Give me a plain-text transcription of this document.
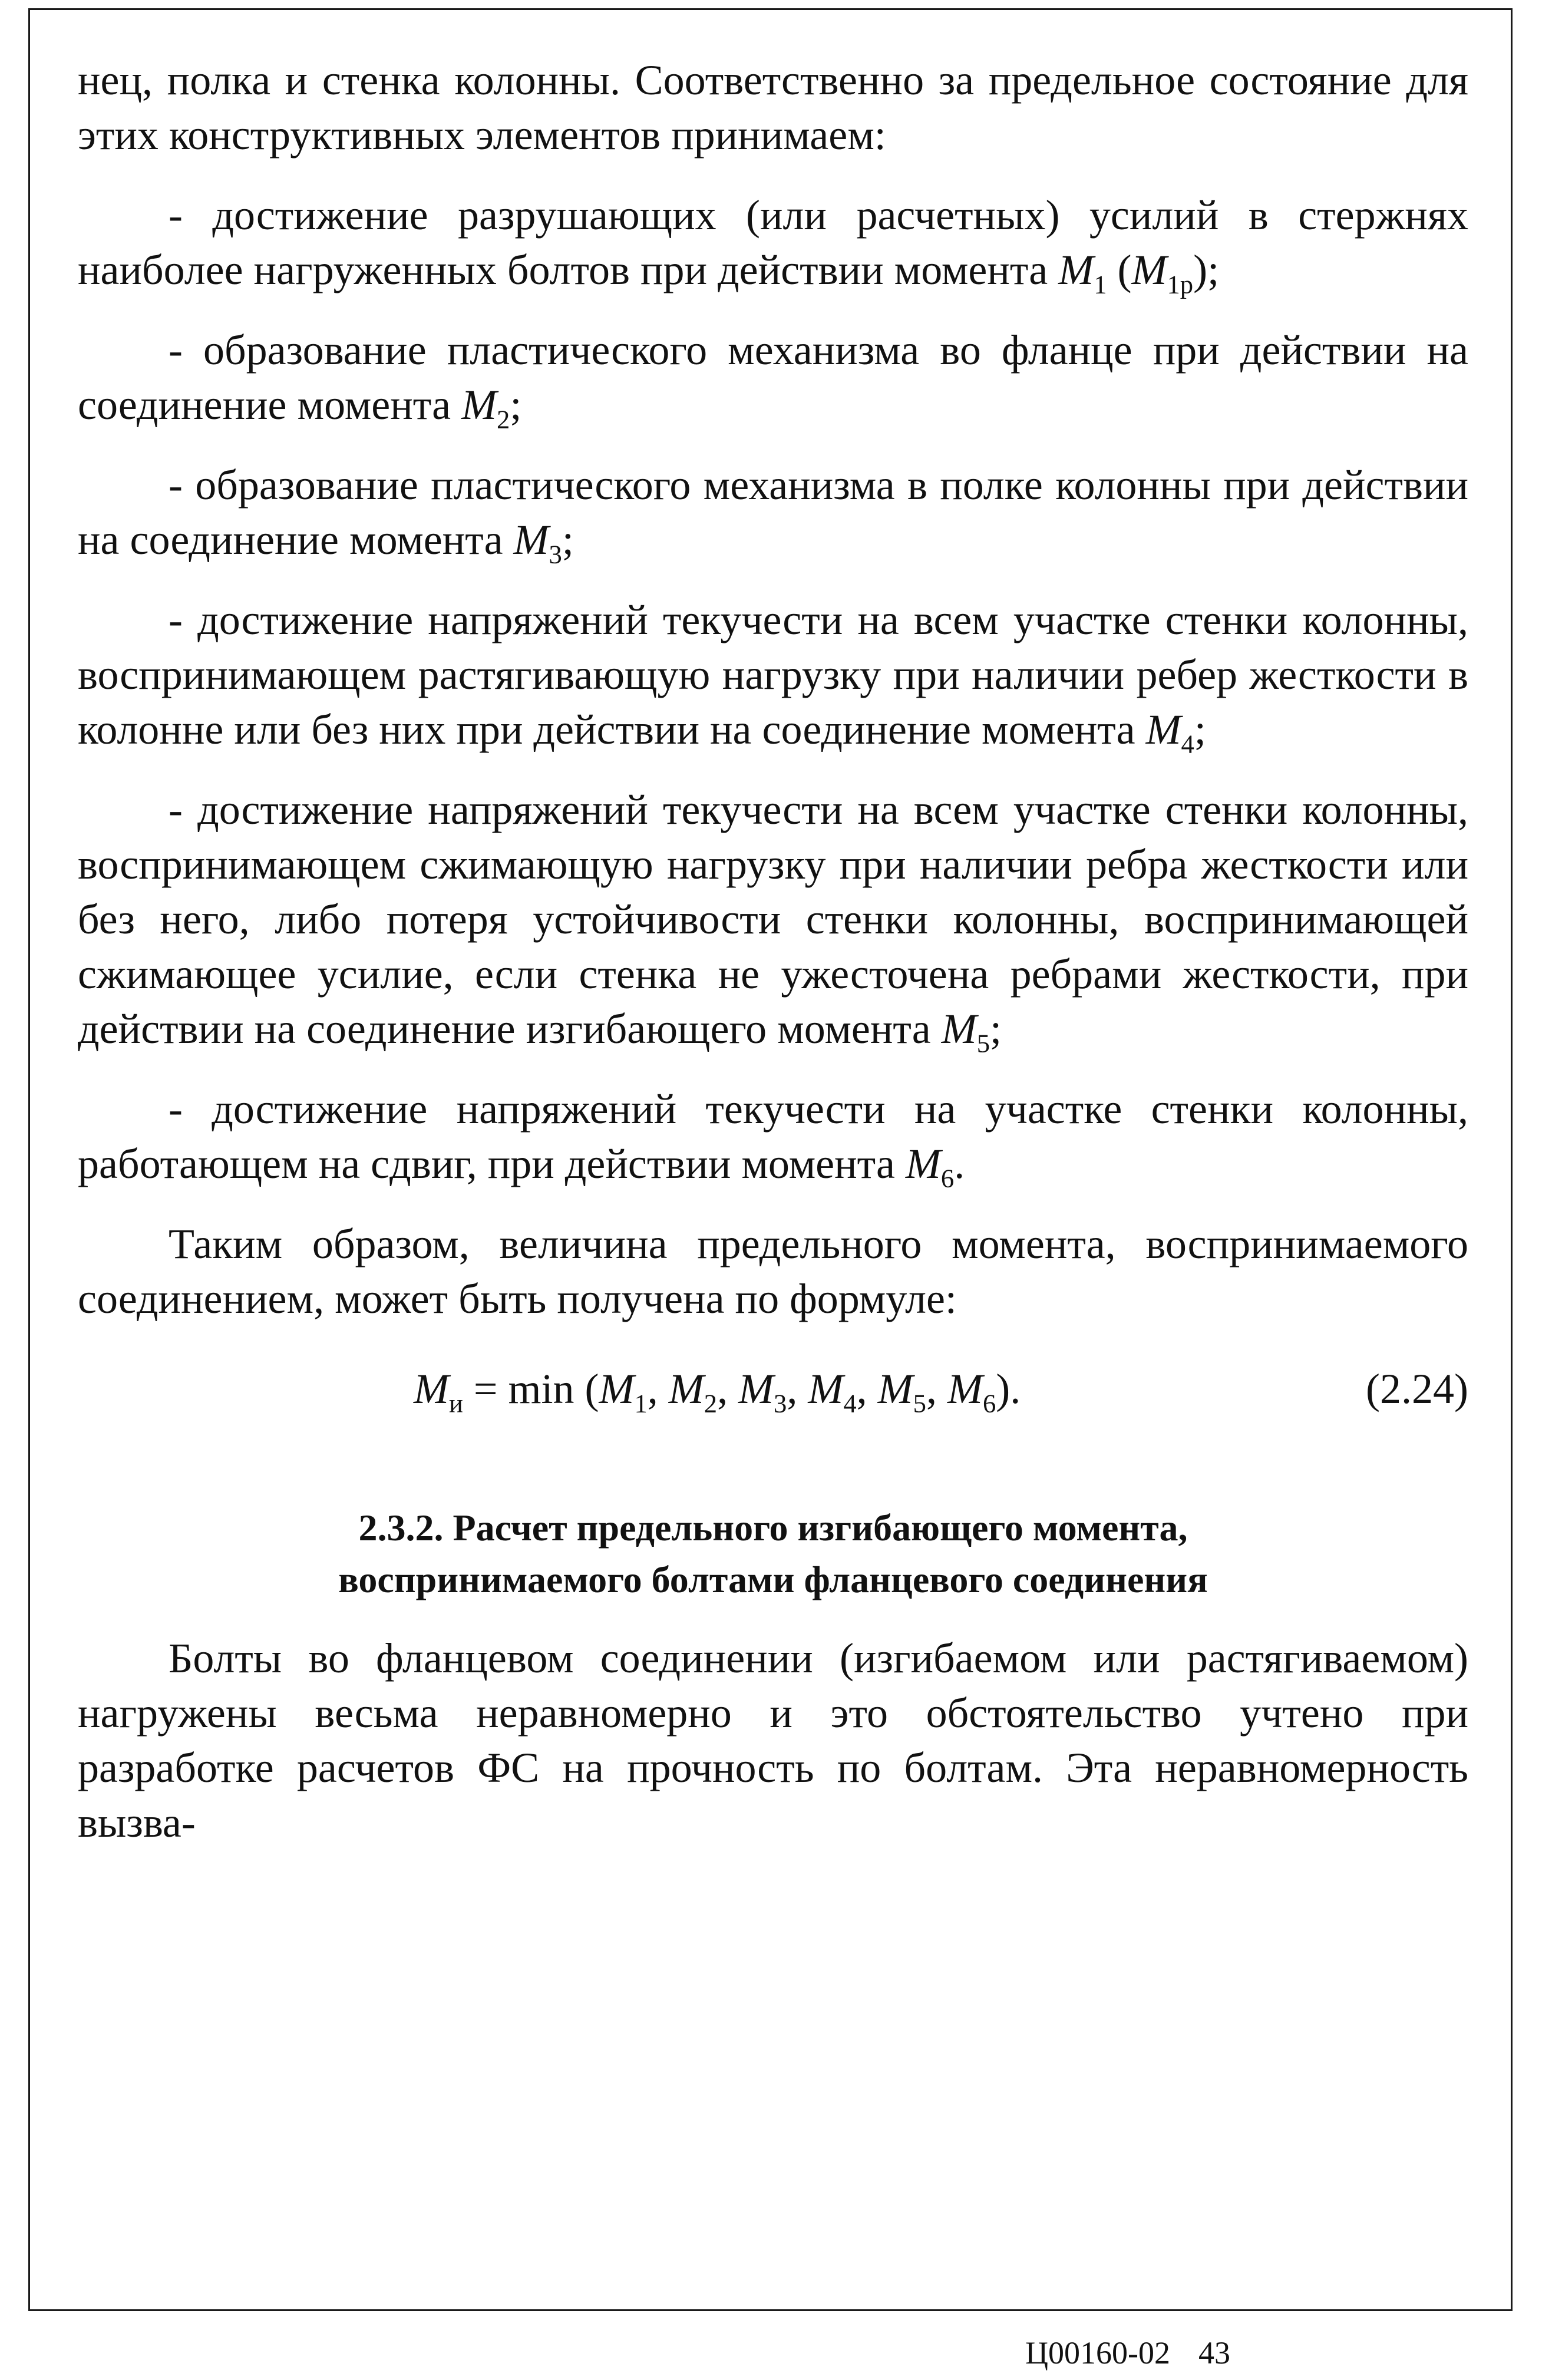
нец, полка и стенка колонны. Соответственно за предельное состояние для этих конструктивных элементов принимаем:

- достижение разрушающих (или расчетных) усилий в стержнях наиболее нагруженных болтов при действии момента $M_1$ $(M_{1р})$;

- образование пластического механизма во фланце при действии на соединение момента $M_2$;

- образование пластического механизма в полке колонны при действии на соединение момента $M_3$;

- достижение напряжений текучести на всем участке стенки колонны, воспринимающем растягивающую нагрузку при наличии ребер жесткости в колонне или без них при действии на соединение момента $M_4$;

- достижение напряжений текучести на всем участке стенки колонны, воспринимающем сжимающую нагрузку при наличии ребра жесткости или без него, либо потеря устойчивости стенки колонны, воспринимающей сжимающее усилие, если стенка не ужесточена ребрами жесткости, при действии на соединение изгибающего момента $M_5$;

- достижение напряжений текучести на участке стенки колонны, работающем на сдвиг, при действии момента $M_6$.

Таким образом, величина предельного момента, воспринимаемого соединением, может быть получена по формуле:

$M_и = \min (M_1$, $M_2$, $M_3$, $M_4$, $M_5$, $M_6$).	(2.24)
2.3.2. Расчет предельного изгибающего момента,
воспринимаемого болтами фланцевого соединения

Болты во фланцевом соединении (изгибаемом или растягиваемом) нагружены весьма неравномерно и это обстоятельство учтено при разработке расчетов ФС на прочность по болтам. Эта неравномерность вызва-

Ц00160-02 43
